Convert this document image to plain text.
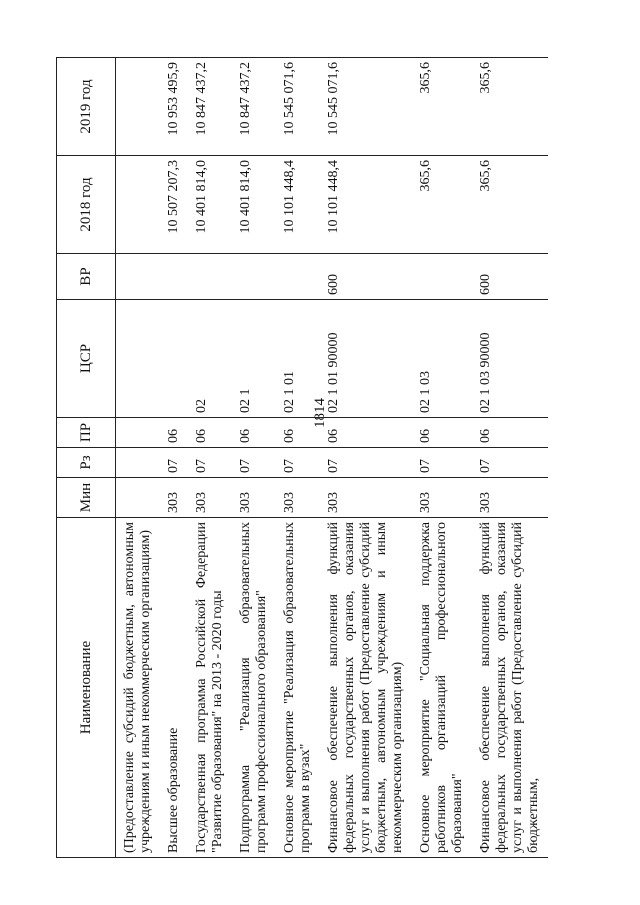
1814
Наименование	Мин	Рз	ПР	ЦСР	ВР	2018 год	2019 год
(Предоставление субсидий бюджетным, автономным учреждениям и иным некоммерческим организациям)							
Высшее образование	303	07	06			10 507 207,3	10 953 495,9
Государственная программа Российской Федерации "Развитие образования" на 2013 - 2020 годы	303	07	06	02		10 401 814,0	10 847 437,2
Подпрограмма "Реализация образовательных программ профессионального образования"	303	07	06	02 1		10 401 814,0	10 847 437,2
Основное мероприятие "Реализация образовательных программ в вузах"	303	07	06	02 1 01		10 101 448,4	10 545 071,6
Финансовое обеспечение выполнения функций федеральных государственных органов, оказания услуг и выполнения работ (Предоставление субсидий бюджетным, автономным учреждениям и иным некоммерческим организациям)	303	07	06	02 1 01 90000	600	10 101 448,4	10 545 071,6
Основное мероприятие "Социальная поддержка работников организаций профессионального образования"	303	07	06	02 1 03		365,6	365,6
Финансовое обеспечение выполнения функций федеральных государственных органов, оказания услуг и выполнения работ (Предоставление субсидий бюджетным,	303	07	06	02 1 03 90000	600	365,6	365,6
